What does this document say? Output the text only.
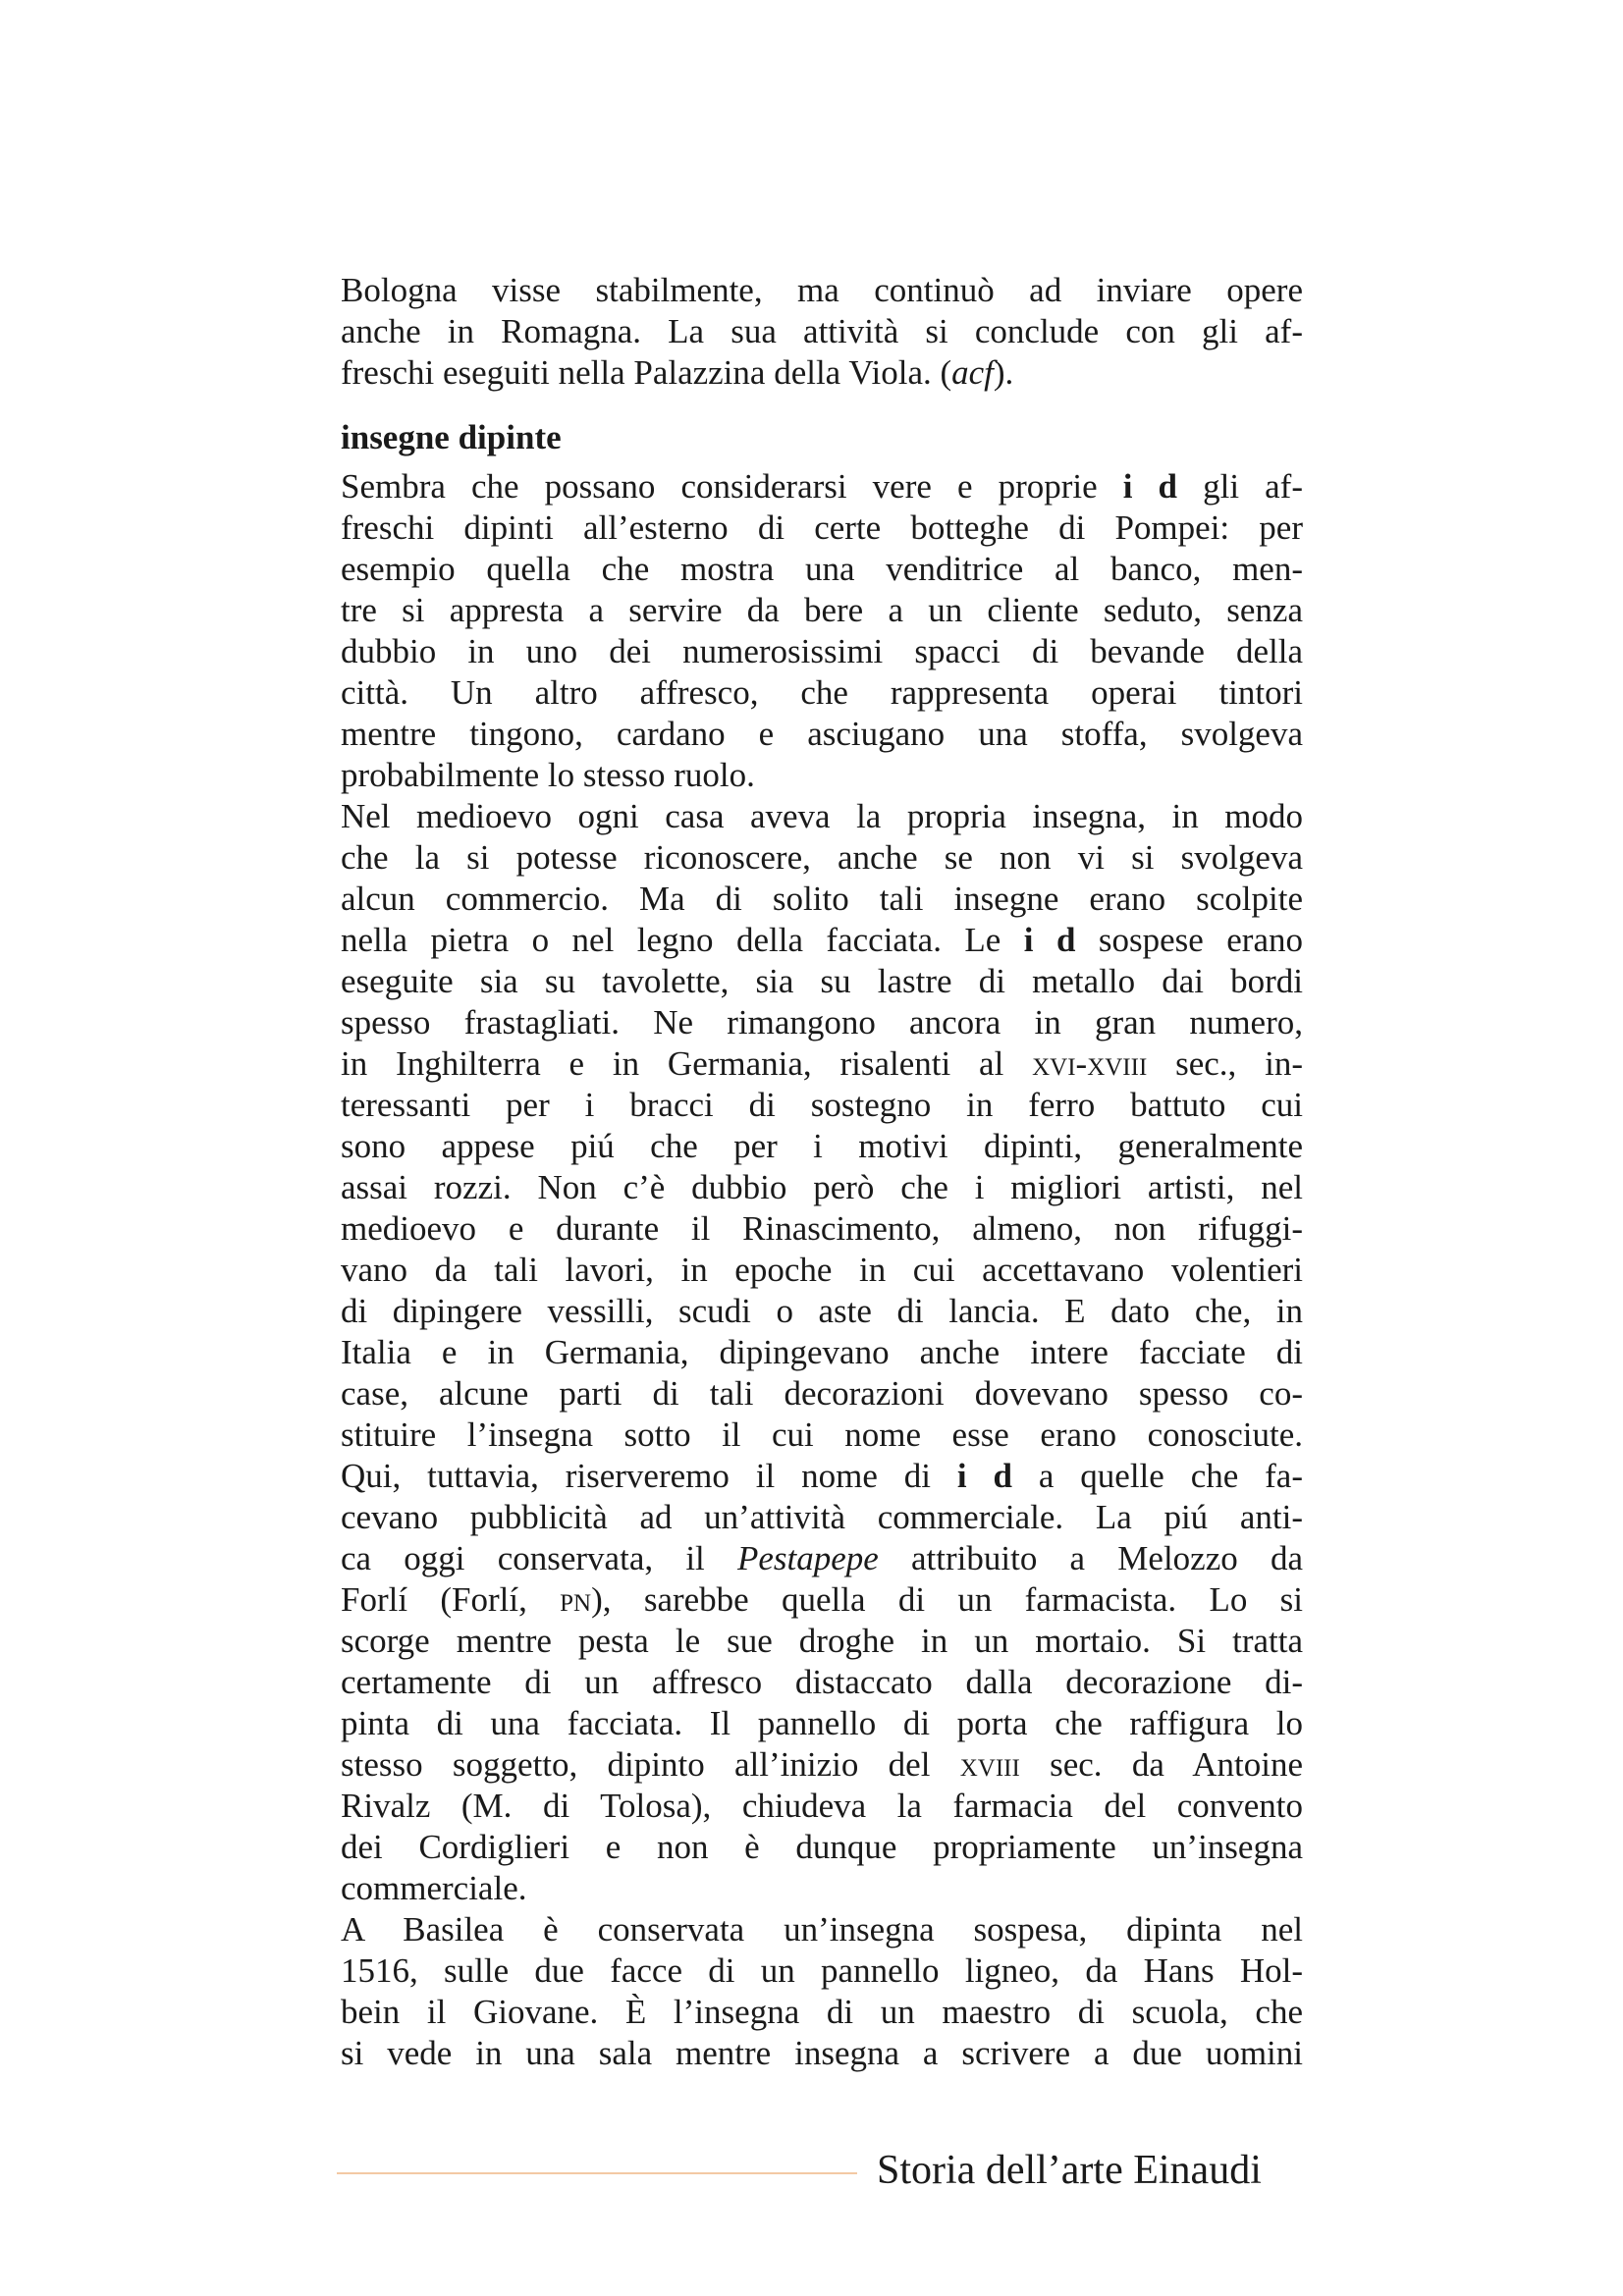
Bologna visse stabilmente, ma continuò ad inviare opere
anche in Romagna. La sua attività si conclude con gli af-
freschi eseguiti nella Palazzina della Viola. (acf).
insegne dipinte
Sembra che possano considerarsi vere e proprie i d gli af-
freschi dipinti all’esterno di certe botteghe di Pompei: per
esempio quella che mostra una venditrice al banco, men-
tre si appresta a servire da bere a un cliente seduto, senza
dubbio in uno dei numerosissimi spacci di bevande della
città. Un altro affresco, che rappresenta operai tintori
mentre tingono, cardano e asciugano una stoffa, svolgeva
probabilmente lo stesso ruolo.
Nel medioevo ogni casa aveva la propria insegna, in modo
che la si potesse riconoscere, anche se non vi si svolgeva
alcun commercio. Ma di solito tali insegne erano scolpite
nella pietra o nel legno della facciata. Le i d sospese erano
eseguite sia su tavolette, sia su lastre di metallo dai bordi
spesso frastagliati. Ne rimangono ancora in gran numero,
in Inghilterra e in Germania, risalenti al xvi-xviii sec., in-
teressanti per i bracci di sostegno in ferro battuto cui
sono appese piú che per i motivi dipinti, generalmente
assai rozzi. Non c’è dubbio però che i migliori artisti, nel
medioevo e durante il Rinascimento, almeno, non rifuggi-
vano da tali lavori, in epoche in cui accettavano volentieri
di dipingere vessilli, scudi o aste di lancia. E dato che, in
Italia e in Germania, dipingevano anche intere facciate di
case, alcune parti di tali decorazioni dovevano spesso co-
stituire l’insegna sotto il cui nome esse erano conosciute.
Qui, tuttavia, riserveremo il nome di i d a quelle che fa-
cevano pubblicità ad un’attività commerciale. La piú anti-
ca oggi conservata, il Pestapepe attribuito a Melozzo da
Forlí (Forlí, pn), sarebbe quella di un farmacista. Lo si
scorge mentre pesta le sue droghe in un mortaio. Si tratta
certamente di un affresco distaccato dalla decorazione di-
pinta di una facciata. Il pannello di porta che raffigura lo
stesso soggetto, dipinto all’inizio del xviii sec. da Antoine
Rivalz (M. di Tolosa), chiudeva la farmacia del convento
dei Cordiglieri e non è dunque propriamente un’insegna
commerciale.
A Basilea è conservata un’insegna sospesa, dipinta nel
1516, sulle due facce di un pannello ligneo, da Hans Hol-
bein il Giovane. È l’insegna di un maestro di scuola, che
si vede in una sala mentre insegna a scrivere a due uomini
Storia dell’arte Einaudi
